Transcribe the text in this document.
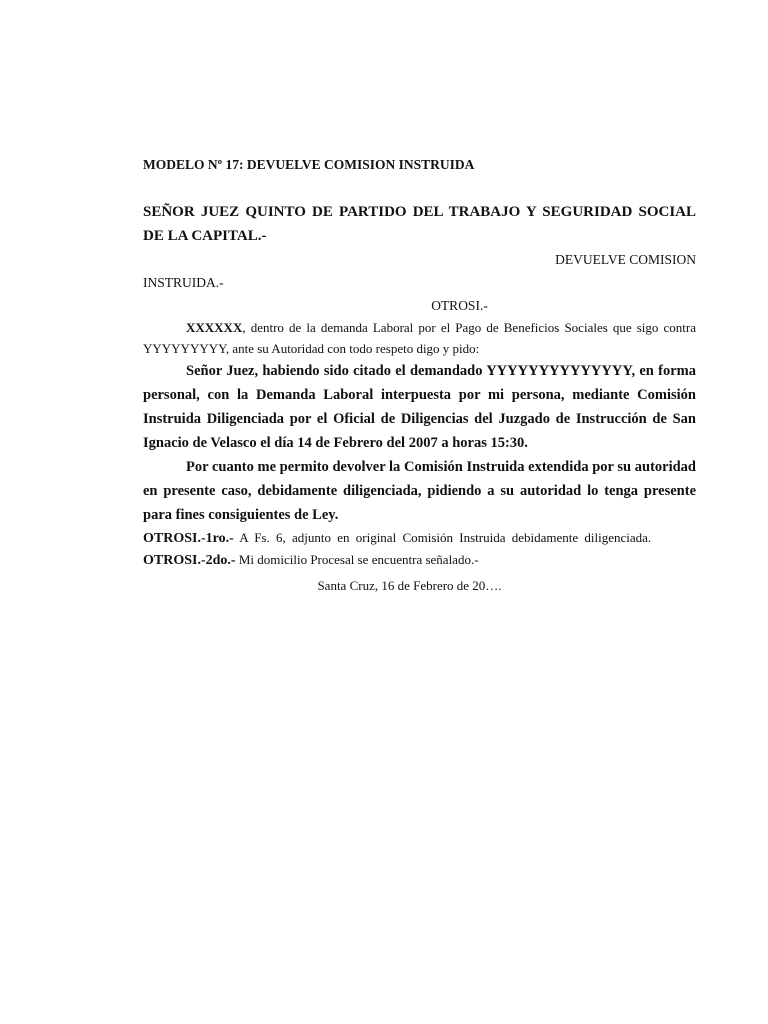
MODELO Nº 17: DEVUELVE COMISION INSTRUIDA

SEÑOR JUEZ QUINTO DE PARTIDO DEL TRABAJO Y SEGURIDAD SOCIAL DE LA CAPITAL.-

DEVUELVE COMISION
INSTRUIDA.-
OTROSI.-

XXXXXX, dentro de la demanda Laboral por el Pago de Beneficios Sociales que sigo contra YYYYYYYYY, ante su Autoridad con todo respeto digo y pido:

Señor Juez, habiendo sido citado el demandado YYYYYYYYYYYYYY, en forma personal, con la Demanda Laboral interpuesta por mi persona, mediante Comisión Instruida Diligenciada por el Oficial de Diligencias del Juzgado de Instrucción de San Ignacio de Velasco el día 14 de Febrero del 2007 a horas 15:30.

Por cuanto me permito devolver la Comisión Instruida extendida por su autoridad en presente caso, debidamente diligenciada, pidiendo a su autoridad lo tenga presente para fines consiguientes de Ley.

OTROSI.-1ro.- A Fs. 6, adjunto en original Comisión Instruida debidamente diligenciada.

OTROSI.-2do.- Mi domicilio Procesal se encuentra señalado.-

Santa Cruz, 16 de Febrero de 20….
